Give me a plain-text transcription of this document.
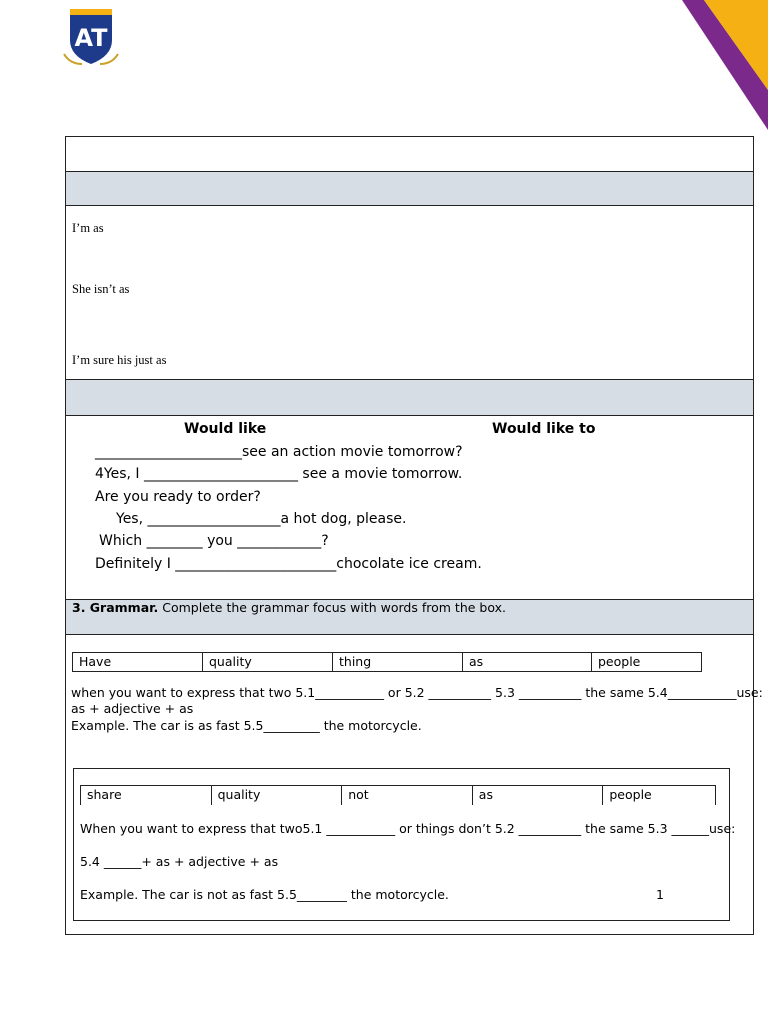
AT
I’m as
She isn’t as
I’m sure his just as
Would like	Would like to
_____________________see an action movie tomorrow?
4Yes, I ______________________ see a movie tomorrow.
Are you ready to order?
Yes, ___________________a hot dog, please.
Which ________ you ____________?
Definitely I _______________________chocolate ice cream.
3. Grammar. Complete the grammar focus with words from the box.
Have	quality	thing	as	people
when you want to express that two 5.1___________ or 5.2 __________ 5.3 __________ the same 5.4___________use:
as + adjective + as
Example. The car is as fast 5.5_________ the motorcycle.
share	quality	not	as	people
When you want to express that two5.1 ___________ or things don’t 5.2 __________ the same 5.3 ______use:
5.4 ______+ as + adjective + as
Example. The car is not as fast 5.5________ the motorcycle.	1
